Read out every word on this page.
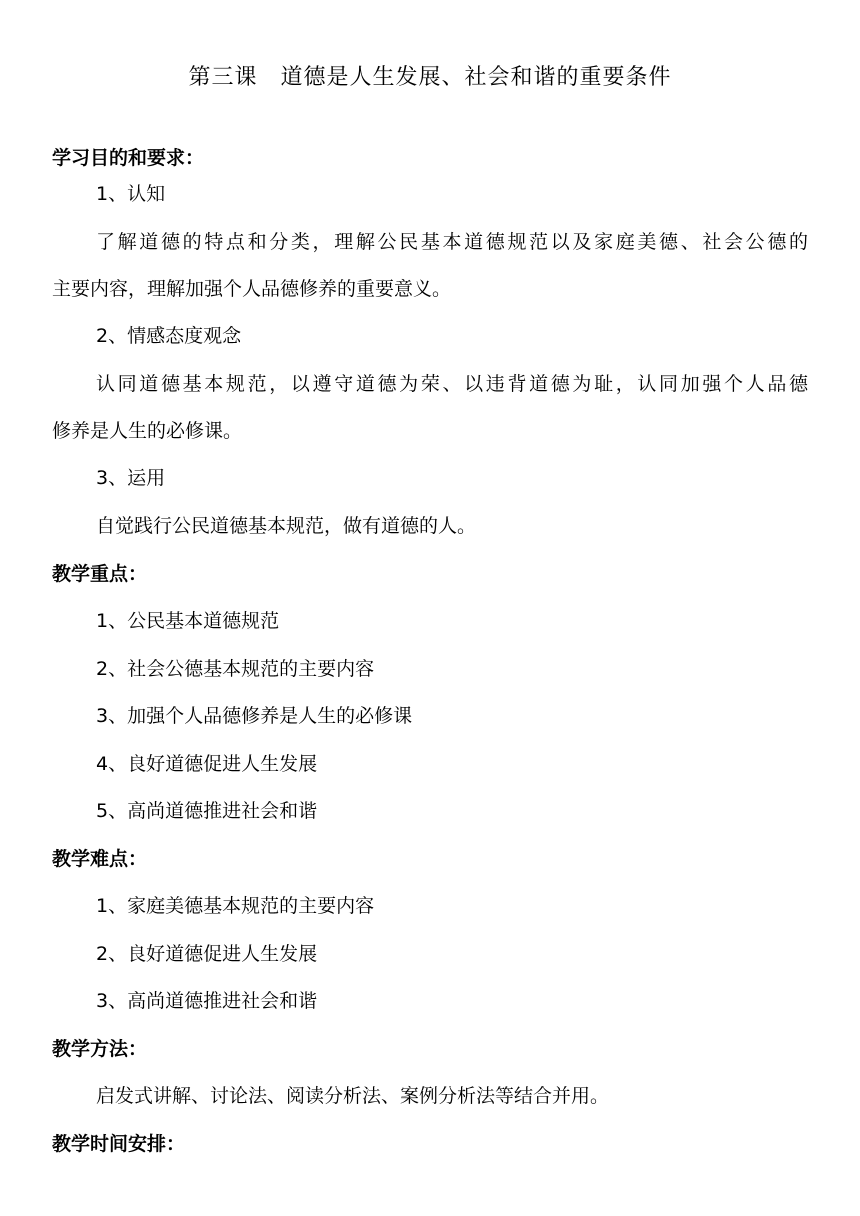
第三课　道德是人生发展、社会和谐的重要条件
学习目的和要求：
1、认知
了解道德的特点和分类，理解公民基本道德规范以及家庭美德、社会公德的
主要内容，理解加强个人品德修养的重要意义。
2、情感态度观念
认同道德基本规范，以遵守道德为荣、以违背道德为耻，认同加强个人品德
修养是人生的必修课。
3、运用
自觉践行公民道德基本规范，做有道德的人。
教学重点：
1、公民基本道德规范
2、社会公德基本规范的主要内容
3、加强个人品德修养是人生的必修课
4、良好道德促进人生发展
5、高尚道德推进社会和谐
教学难点：
1、家庭美德基本规范的主要内容
2、良好道德促进人生发展
3、高尚道德推进社会和谐
教学方法：
启发式讲解、讨论法、阅读分析法、案例分析法等结合并用。
教学时间安排：
